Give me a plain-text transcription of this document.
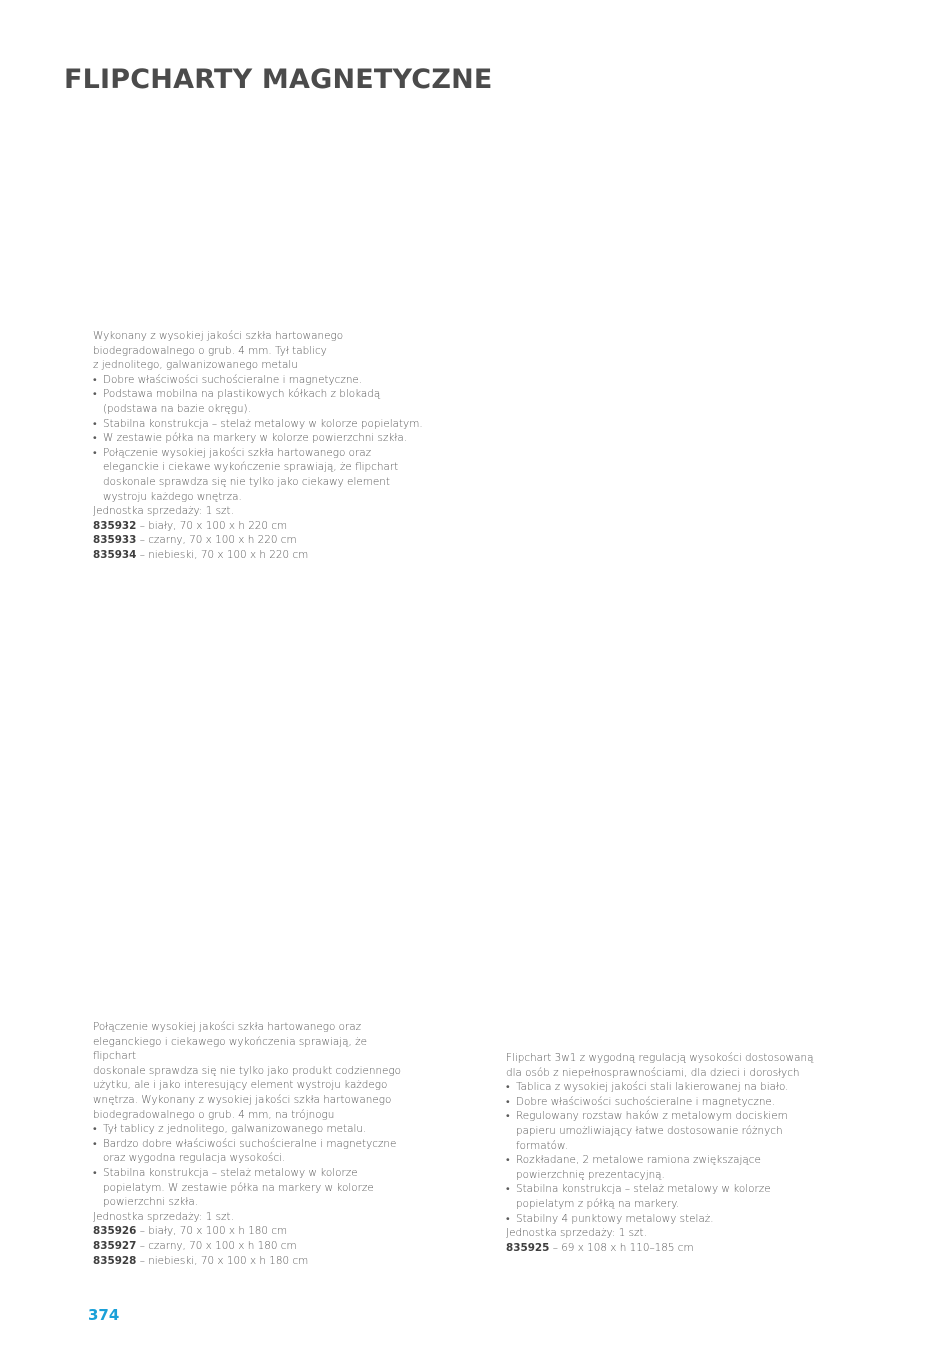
FLIPCHARTY MAGNETYCZNE

Wykonany z wysokiej jakości szkła hartowanego
biodegradowalnego o grub. 4 mm. Tył tablicy
z jednolitego, galwanizowanego metalu

• Dobre właściwości suchościeralne i magnetyczne.
• Podstawa mobilna na plastikowych kółkach z blokadą
(podstawa na bazie okręgu).
• Stabilna konstrukcja – stelaż metalowy w kolorze popielatym.
• W zestawie półka na markery w kolorze powierzchni szkła.
• Połączenie wysokiej jakości szkła hartowanego oraz
eleganckie i ciekawe wykończenie sprawiają, że flipchart
doskonale sprawdza się nie tylko jako ciekawy element
wystroju każdego wnętrza.

Jednostka sprzedaży: 1 szt.

835932 – biały, 70 x 100 x h 220 cm
835933 – czarny, 70 x 100 x h 220 cm
835934 – niebieski, 70 x 100 x h 220 cm

Połączenie wysokiej jakości szkła hartowanego oraz
eleganckiego i ciekawego wykończenia sprawiają, że flipchart
doskonale sprawdza się nie tylko jako produkt codziennego
użytku, ale i jako interesujący element wystroju każdego
wnętrza. Wykonany z wysokiej jakości szkła hartowanego
biodegradowalnego o grub. 4 mm, na trójnogu

• Tył tablicy z jednolitego, galwanizowanego metalu.
• Bardzo dobre właściwości suchościeralne i magnetyczne
oraz wygodna regulacja wysokości.
• Stabilna konstrukcja – stelaż metalowy w kolorze
popielatym. W zestawie półka na markery w kolorze
powierzchni szkła.

Jednostka sprzedaży: 1 szt.

835926 – biały, 70 x 100 x h 180 cm
835927 – czarny, 70 x 100 x h 180 cm
835928 – niebieski, 70 x 100 x h 180 cm

Flipchart 3w1 z wygodną regulacją wysokości dostosowaną
dla osób z niepełnosprawnościami, dla dzieci i dorosłych

• Tablica z wysokiej jakości stali lakierowanej na biało.
• Dobre właściwości suchościeralne i magnetyczne.
• Regulowany rozstaw haków z metalowym dociskiem
papieru umożliwiający łatwe dostosowanie różnych
formatów.
• Rozkładane, 2 metalowe ramiona zwiększające
powierzchnię prezentacyjną.
• Stabilna konstrukcja – stelaż metalowy w kolorze
popielatym z półką na markery.
• Stabilny 4 punktowy metalowy stelaż.

Jednostka sprzedaży: 1 szt.

835925 – 69 x 108 x h 110–185 cm
374
